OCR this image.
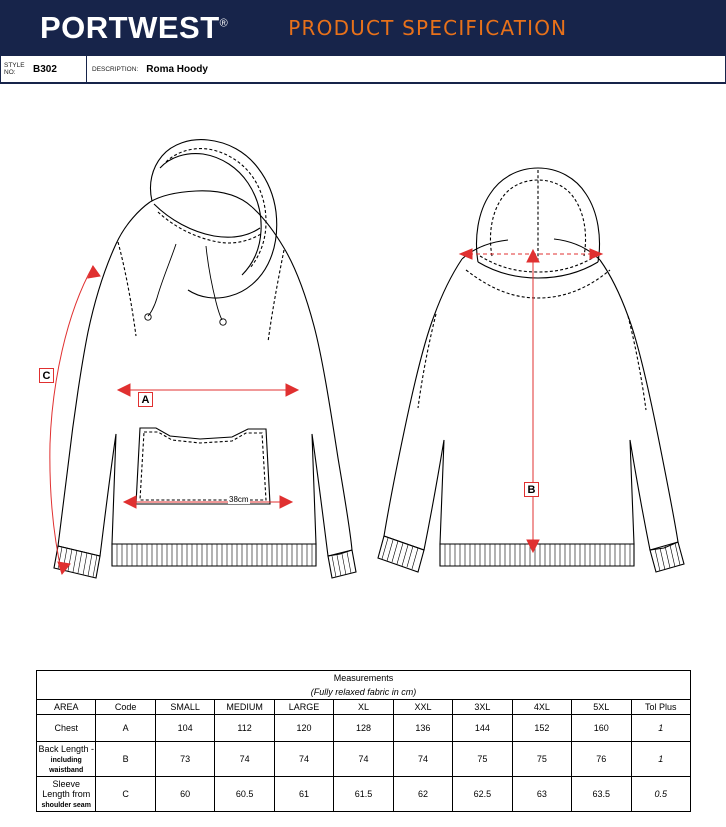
PORTWEST®	PRODUCT SPECIFICATION
STYLE
NO:	B302	DESCRIPTION: Roma Hoody
C
A
B
38cm
Measurements										
(Fully relaxed fabric in cm)										
AREA	Code	SMALL	MEDIUM	LARGE	XL	XXL	3XL	4XL	5XL	Tol Plus
Chest	A	104	112	120	128	136	144	152	160	1
Back Length -
including waistband	B	73	74	74	74	74	75	75	76	1
Sleeve Length from
shoulder seam	C	60	60.5	61	61.5	62	62.5	63	63.5	0.5
